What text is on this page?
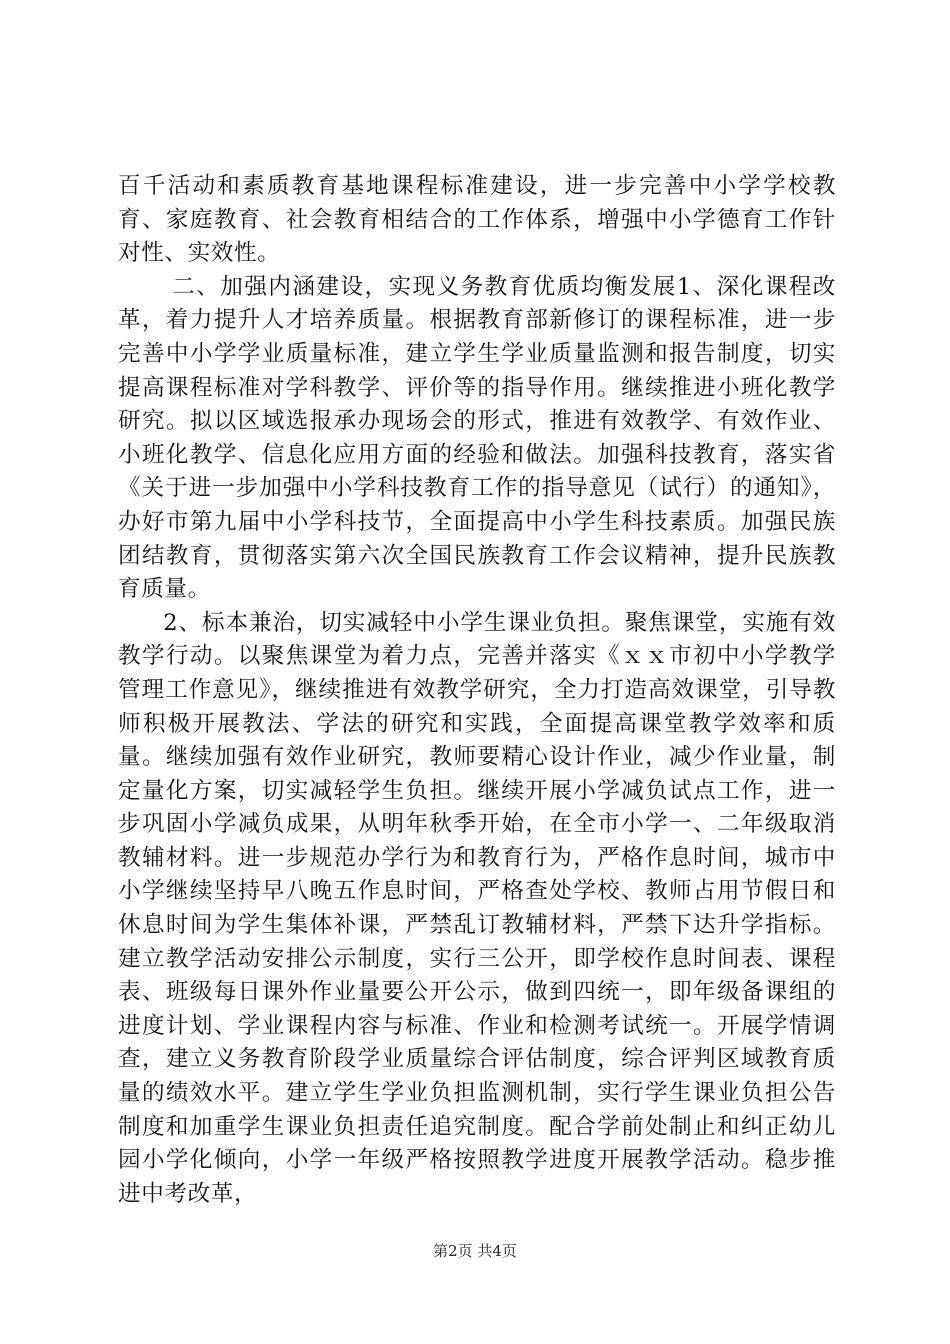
百千活动和素质教育基地课程标准建设，进一步完善中小学学校教育、家庭教育、社会教育相结合的工作体系，增强中小学德育工作针对性、实效性。

二、加强内涵建设，实现义务教育优质均衡发展1、深化课程改革，着力提升人才培养质量。根据教育部新修订的课程标准，进一步完善中小学学业质量标准，建立学生学业质量监测和报告制度，切实提高课程标准对学科教学、评价等的指导作用。继续推进小班化教学研究。拟以区域选报承办现场会的形式，推进有效教学、有效作业、小班化教学、信息化应用方面的经验和做法。加强科技教育，落实省《关于进一步加强中小学科技教育工作的指导意见（试行）的通知》，办好市第九届中小学科技节，全面提高中小学生科技素质。加强民族团结教育，贯彻落实第六次全国民族教育工作会议精神，提升民族教育质量。

2、标本兼治，切实减轻中小学生课业负担。聚焦课堂，实施有效教学行动。以聚焦课堂为着力点，完善并落实《ｘｘ市初中小学教学管理工作意见》，继续推进有效教学研究，全力打造高效课堂，引导教师积极开展教法、学法的研究和实践，全面提高课堂教学效率和质量。继续加强有效作业研究，教师要精心设计作业，减少作业量，制定量化方案，切实减轻学生负担。继续开展小学减负试点工作，进一步巩固小学减负成果，从明年秋季开始，在全市小学一、二年级取消教辅材料。进一步规范办学行为和教育行为，严格作息时间，城市中小学继续坚持早八晚五作息时间，严格查处学校、教师占用节假日和休息时间为学生集体补课，严禁乱订教辅材料，严禁下达升学指标。建立教学活动安排公示制度，实行三公开，即学校作息时间表、课程表、班级每日课外作业量要公开公示，做到四统一，即年级备课组的进度计划、学业课程内容与标准、作业和检测考试统一。开展学情调查，建立义务教育阶段学业质量综合评估制度，综合评判区域教育质量的绩效水平。建立学生学业负担监测机制，实行学生课业负担公告制度和加重学生课业负担责任追究制度。配合学前处制止和纠正幼儿园小学化倾向，小学一年级严格按照教学进度开展教学活动。稳步推进中考改革，

第2页 共4页
